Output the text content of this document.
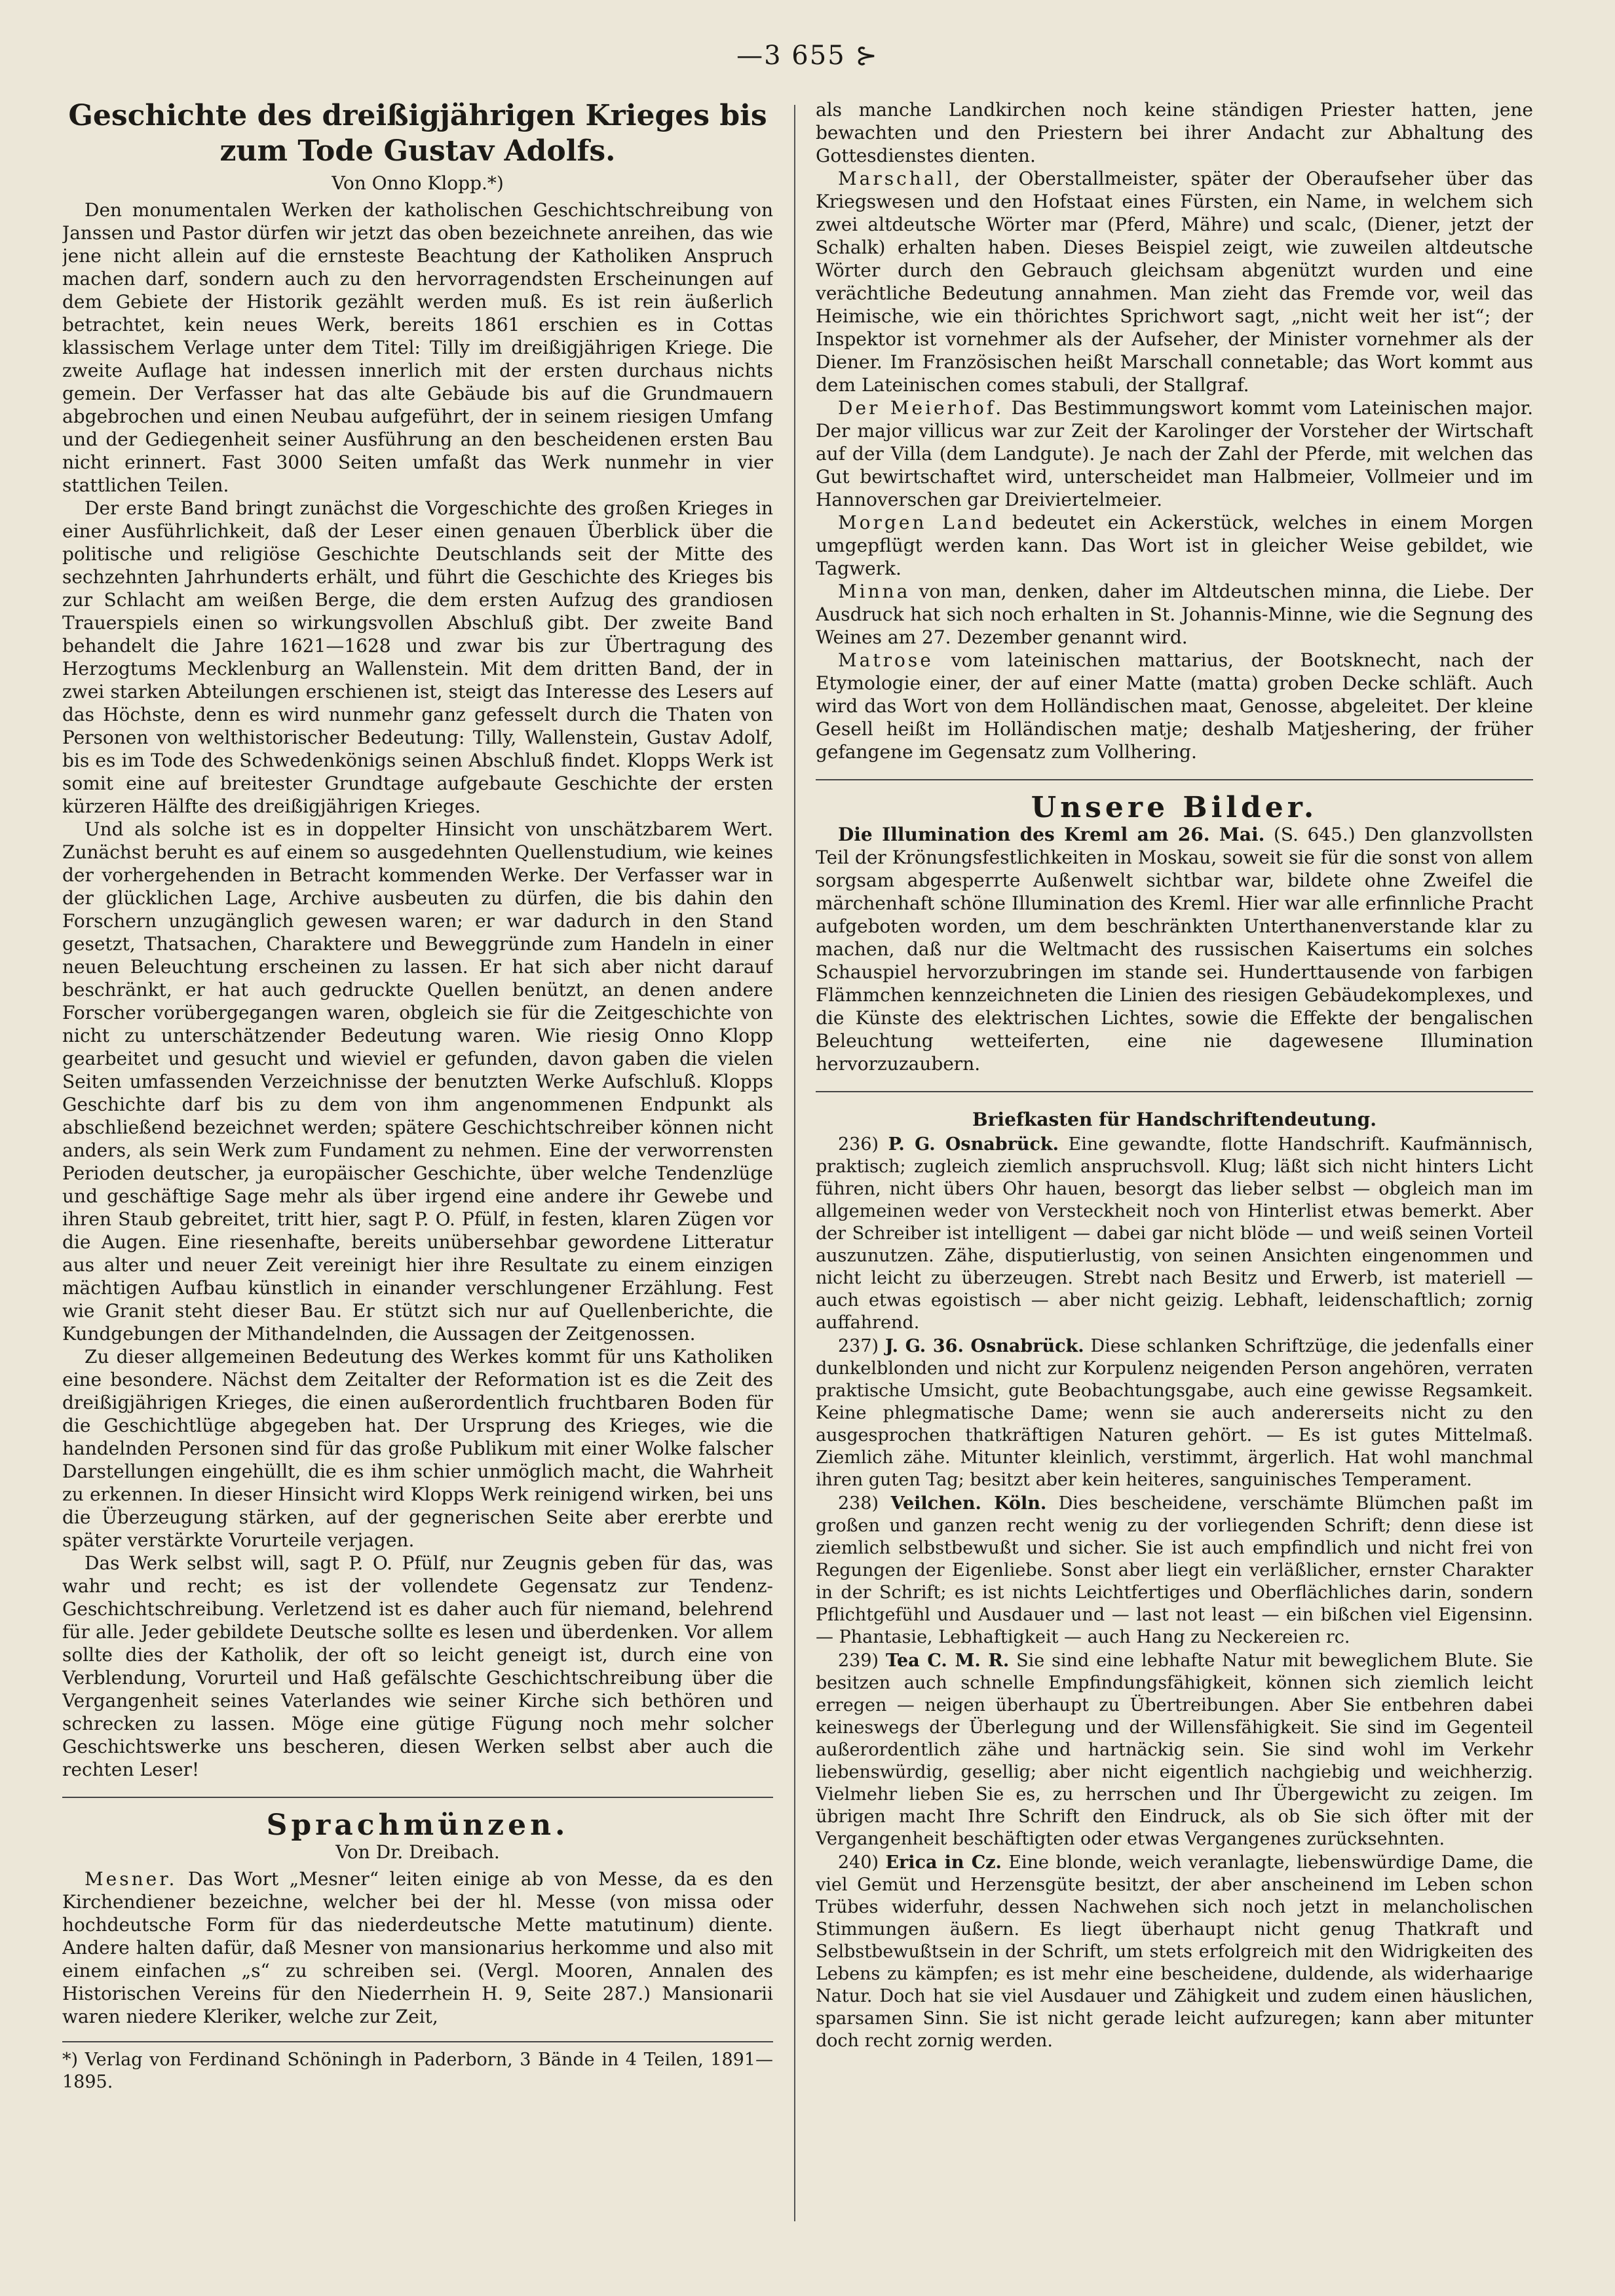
—3 655 ⊱
Geschichte des dreißigjährigen Krieges bis zum Tode Gustav Adolfs.
Von Onno Klopp.*)

Den monumentalen Werken der katholischen Geschichtschreibung von Janssen und Pastor dürfen wir jetzt das oben bezeichnete anreihen, das wie jene nicht allein auf die ernsteste Beachtung der Katholiken Anspruch machen darf, sondern auch zu den hervorragendsten Erscheinungen auf dem Gebiete der Historik gezählt werden muß. Es ist rein äußerlich betrachtet, kein neues Werk, bereits 1861 erschien es in Cottas klassischem Verlage unter dem Titel: Tilly im dreißigjährigen Kriege. Die zweite Auflage hat indessen innerlich mit der ersten durchaus nichts gemein. Der Verfasser hat das alte Gebäude bis auf die Grundmauern abgebrochen und einen Neubau aufgeführt, der in seinem riesigen Umfang und der Gediegenheit seiner Ausführung an den bescheidenen ersten Bau nicht erinnert. Fast 3000 Seiten umfaßt das Werk nunmehr in vier stattlichen Teilen.

Der erste Band bringt zunächst die Vorgeschichte des großen Krieges in einer Ausführlichkeit, daß der Leser einen genauen Überblick über die politische und religiöse Geschichte Deutschlands seit der Mitte des sechzehnten Jahrhunderts erhält, und führt die Geschichte des Krieges bis zur Schlacht am weißen Berge, die dem ersten Aufzug des grandiosen Trauerspiels einen so wirkungsvollen Abschluß gibt. Der zweite Band behandelt die Jahre 1621—1628 und zwar bis zur Übertragung des Herzogtums Mecklenburg an Wallenstein. Mit dem dritten Band, der in zwei starken Abteilungen erschienen ist, steigt das Interesse des Lesers auf das Höchste, denn es wird nunmehr ganz gefesselt durch die Thaten von Personen von welthistorischer Bedeutung: Tilly, Wallenstein, Gustav Adolf, bis es im Tode des Schwedenkönigs seinen Abschluß findet. Klopps Werk ist somit eine auf breitester Grundtage aufgebaute Geschichte der ersten kürzeren Hälfte des dreißigjährigen Krieges.

Und als solche ist es in doppelter Hinsicht von unschätzbarem Wert. Zunächst beruht es auf einem so ausgedehnten Quellenstudium, wie keines der vorhergehenden in Betracht kommenden Werke. Der Verfasser war in der glücklichen Lage, Archive ausbeuten zu dürfen, die bis dahin den Forschern unzugänglich gewesen waren; er war dadurch in den Stand gesetzt, Thatsachen, Charaktere und Beweggründe zum Handeln in einer neuen Beleuchtung erscheinen zu lassen. Er hat sich aber nicht darauf beschränkt, er hat auch gedruckte Quellen benützt, an denen andere Forscher vorübergegangen waren, obgleich sie für die Zeitgeschichte von nicht zu unterschätzender Bedeutung waren. Wie riesig Onno Klopp gearbeitet und gesucht und wieviel er gefunden, davon gaben die vielen Seiten umfassenden Verzeichnisse der benutzten Werke Aufschluß. Klopps Geschichte darf bis zu dem von ihm angenommenen Endpunkt als abschließend bezeichnet werden; spätere Geschichtschreiber können nicht anders, als sein Werk zum Fundament zu nehmen. Eine der verworrensten Perioden deutscher, ja europäischer Geschichte, über welche Tendenzlüge und geschäftige Sage mehr als über irgend eine andere ihr Gewebe und ihren Staub gebreitet, tritt hier, sagt P. O. Pfülf, in festen, klaren Zügen vor die Augen. Eine riesenhafte, bereits unübersehbar gewordene Litteratur aus alter und neuer Zeit vereinigt hier ihre Resultate zu einem einzigen mächtigen Aufbau künstlich in einander verschlungener Erzählung. Fest wie Granit steht dieser Bau. Er stützt sich nur auf Quellenberichte, die Kundgebungen der Mithandelnden, die Aussagen der Zeitgenossen.

Zu dieser allgemeinen Bedeutung des Werkes kommt für uns Katholiken eine besondere. Nächst dem Zeitalter der Reformation ist es die Zeit des dreißigjährigen Krieges, die einen außerordentlich fruchtbaren Boden für die Geschichtlüge abgegeben hat. Der Ursprung des Krieges, wie die handelnden Personen sind für das große Publikum mit einer Wolke falscher Darstellungen eingehüllt, die es ihm schier unmöglich macht, die Wahrheit zu erkennen. In dieser Hinsicht wird Klopps Werk reinigend wirken, bei uns die Überzeugung stärken, auf der gegnerischen Seite aber ererbte und später verstärkte Vorurteile verjagen.

Das Werk selbst will, sagt P. O. Pfülf, nur Zeugnis geben für das, was wahr und recht; es ist der vollendete Gegensatz zur Tendenz-Geschichtschreibung. Verletzend ist es daher auch für niemand, belehrend für alle. Jeder gebildete Deutsche sollte es lesen und überdenken. Vor allem sollte dies der Katholik, der oft so leicht geneigt ist, durch eine von Verblendung, Vorurteil und Haß gefälschte Geschichtschreibung über die Vergangenheit seines Vaterlandes wie seiner Kirche sich bethören und schrecken zu lassen. Möge eine gütige Fügung noch mehr solcher Geschichtswerke uns bescheren, diesen Werken selbst aber auch die rechten Leser!

Sprachmünzen.
Von Dr. Dreibach.

Mesner. Das Wort „Mesner“ leiten einige ab von Messe, da es den Kirchendiener bezeichne, welcher bei der hl. Messe (von missa oder hochdeutsche Form für das niederdeutsche Mette matutinum) diente. Andere halten dafür, daß Mesner von mansionarius herkomme und also mit einem einfachen „s“ zu schreiben sei. (Vergl. Mooren, Annalen des Historischen Vereins für den Niederrhein H. 9, Seite 287.) Mansionarii waren niedere Kleriker, welche zur Zeit,

*) Verlag von Ferdinand Schöningh in Paderborn, 3 Bände in 4 Teilen, 1891—1895.

als manche Landkirchen noch keine ständigen Priester hatten, jene bewachten und den Priestern bei ihrer Andacht zur Abhaltung des Gottesdienstes dienten.

Marschall, der Oberstallmeister, später der Oberaufseher über das Kriegswesen und den Hofstaat eines Fürsten, ein Name, in welchem sich zwei altdeutsche Wörter mar (Pferd, Mähre) und scalc, (Diener, jetzt der Schalk) erhalten haben. Dieses Beispiel zeigt, wie zuweilen altdeutsche Wörter durch den Gebrauch gleichsam abgenützt wurden und eine verächtliche Bedeutung annahmen. Man zieht das Fremde vor, weil das Heimische, wie ein thörichtes Sprichwort sagt, „nicht weit her ist“; der Inspektor ist vornehmer als der Aufseher, der Minister vornehmer als der Diener. Im Französischen heißt Marschall connetable; das Wort kommt aus dem Lateinischen comes stabuli, der Stallgraf.

Der Meierhof. Das Bestimmungswort kommt vom Lateinischen major. Der major villicus war zur Zeit der Karolinger der Vorsteher der Wirtschaft auf der Villa (dem Landgute). Je nach der Zahl der Pferde, mit welchen das Gut bewirtschaftet wird, unterscheidet man Halbmeier, Vollmeier und im Hannoverschen gar Dreiviertelmeier.

Morgen Land bedeutet ein Ackerstück, welches in einem Morgen umgepflügt werden kann. Das Wort ist in gleicher Weise gebildet, wie Tagwerk.

Minna von man, denken, daher im Altdeutschen minna, die Liebe. Der Ausdruck hat sich noch erhalten in St. Johannis-Minne, wie die Segnung des Weines am 27. Dezember genannt wird.

Matrose vom lateinischen mattarius, der Bootsknecht, nach der Etymologie einer, der auf einer Matte (matta) groben Decke schläft. Auch wird das Wort von dem Holländischen maat, Genosse, abgeleitet. Der kleine Gesell heißt im Holländischen matje; deshalb Matjeshering, der früher gefangene im Gegensatz zum Vollhering.

Unsere Bilder.

Die Illumination des Kreml am 26. Mai. (S. 645.) Den glanzvollsten Teil der Krönungsfestlichkeiten in Moskau, soweit sie für die sonst von allem sorgsam abgesperrte Außenwelt sichtbar war, bildete ohne Zweifel die märchenhaft schöne Illumination des Kreml. Hier war alle erfinnliche Pracht aufgeboten worden, um dem beschränkten Unterthanenverstande klar zu machen, daß nur die Weltmacht des russischen Kaisertums ein solches Schauspiel hervorzubringen im stande sei. Hunderttausende von farbigen Flämmchen kennzeichneten die Linien des riesigen Gebäudekomplexes, und die Künste des elektrischen Lichtes, sowie die Effekte der bengalischen Beleuchtung wetteiferten, eine nie dagewesene Illumination hervorzuzaubern.

Briefkasten für Handschriftendeutung.

236) P. G. Osnabrück. Eine gewandte, flotte Handschrift. Kaufmännisch, praktisch; zugleich ziemlich anspruchsvoll. Klug; läßt sich nicht hinters Licht führen, nicht übers Ohr hauen, besorgt das lieber selbst — obgleich man im allgemeinen weder von Versteckheit noch von Hinterlist etwas bemerkt. Aber der Schreiber ist intelligent — dabei gar nicht blöde — und weiß seinen Vorteil auszunutzen. Zähe, disputierlustig, von seinen Ansichten eingenommen und nicht leicht zu überzeugen. Strebt nach Besitz und Erwerb, ist materiell — auch etwas egoistisch — aber nicht geizig. Lebhaft, leidenschaftlich; zornig auffahrend.

237) J. G. 36. Osnabrück. Diese schlanken Schriftzüge, die jedenfalls einer dunkelblonden und nicht zur Korpulenz neigenden Person angehören, verraten praktische Umsicht, gute Beobachtungsgabe, auch eine gewisse Regsamkeit. Keine phlegmatische Dame; wenn sie auch andererseits nicht zu den ausgesprochen thatkräftigen Naturen gehört. — Es ist gutes Mittelmaß. Ziemlich zähe. Mitunter kleinlich, verstimmt, ärgerlich. Hat wohl manchmal ihren guten Tag; besitzt aber kein heiteres, sanguinisches Temperament.

238) Veilchen. Köln. Dies bescheidene, verschämte Blümchen paßt im großen und ganzen recht wenig zu der vorliegenden Schrift; denn diese ist ziemlich selbstbewußt und sicher. Sie ist auch empfindlich und nicht frei von Regungen der Eigenliebe. Sonst aber liegt ein verläßlicher, ernster Charakter in der Schrift; es ist nichts Leichtfertiges und Oberflächliches darin, sondern Pflichtgefühl und Ausdauer und — last not least — ein bißchen viel Eigensinn. — Phantasie, Lebhaftigkeit — auch Hang zu Neckereien rc.

239) Tea C. M. R. Sie sind eine lebhafte Natur mit beweglichem Blute. Sie besitzen auch schnelle Empfindungsfähigkeit, können sich ziemlich leicht erregen — neigen überhaupt zu Übertreibungen. Aber Sie entbehren dabei keineswegs der Überlegung und der Willensfähigkeit. Sie sind im Gegenteil außerordentlich zähe und hartnäckig sein. Sie sind wohl im Verkehr liebenswürdig, gesellig; aber nicht eigentlich nachgiebig und weichherzig. Vielmehr lieben Sie es, zu herrschen und Ihr Übergewicht zu zeigen. Im übrigen macht Ihre Schrift den Eindruck, als ob Sie sich öfter mit der Vergangenheit beschäftigten oder etwas Vergangenes zurücksehnten.

240) Erica in Cz. Eine blonde, weich veranlagte, liebenswürdige Dame, die viel Gemüt und Herzensgüte besitzt, der aber anscheinend im Leben schon Trübes widerfuhr, dessen Nachwehen sich noch jetzt in melancholischen Stimmungen äußern. Es liegt überhaupt nicht genug Thatkraft und Selbstbewußtsein in der Schrift, um stets erfolgreich mit den Widrigkeiten des Lebens zu kämpfen; es ist mehr eine bescheidene, duldende, als widerhaarige Natur. Doch hat sie viel Ausdauer und Zähigkeit und zudem einen häuslichen, sparsamen Sinn. Sie ist nicht gerade leicht aufzuregen; kann aber mitunter doch recht zornig werden.
